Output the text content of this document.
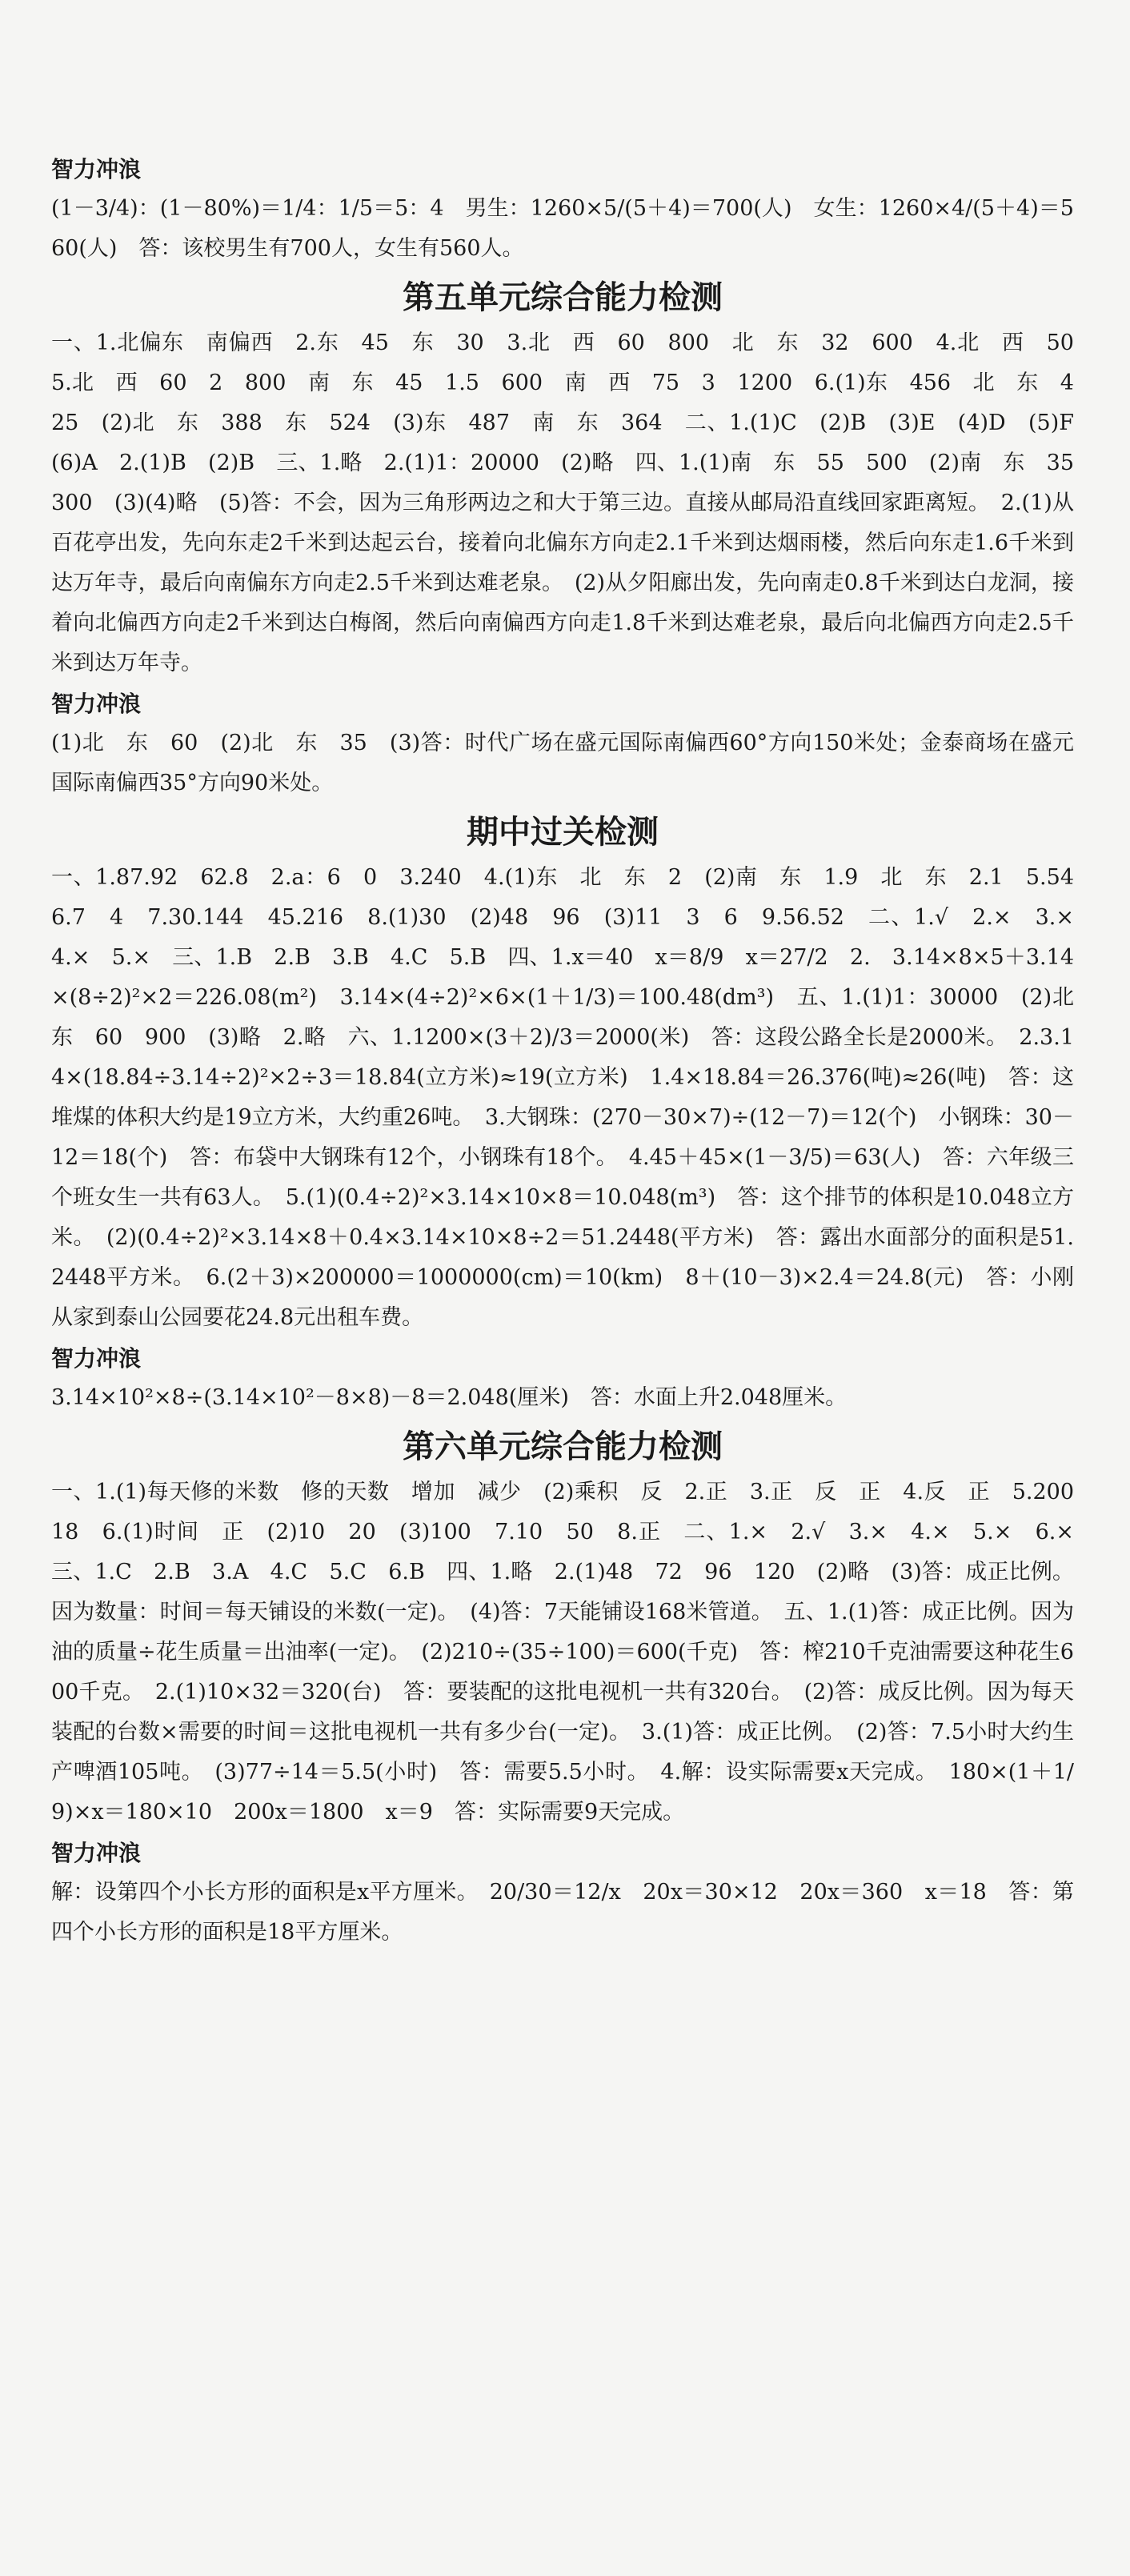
智力冲浪
(1－3/4)：(1－80%)＝1/4：1/5＝5：4　男生：1260×5/(5＋4)＝700(人)　女生：1260×4/(5＋4)＝560(人)　答：该校男生有700人，女生有560人。
第五单元综合能力检测
一、1.北偏东　南偏西　2.东　45　东　30　3.北　西　60　800　北　东　32　600　4.北　西　50　5.北　西　60　2　800　南　东　45　1.5　600　南　西　75　3　1200　6.(1)东　456　北　东　425　(2)北　东　388　东　524　(3)东　487　南　东　364　二、1.(1)C　(2)B　(3)E　(4)D　(5)F　(6)A　2.(1)B　(2)B　三、1.略　2.(1)1：20000　(2)略　四、1.(1)南　东　55　500　(2)南　东　35　300　(3)(4)略　(5)答：不会，因为三角形两边之和大于第三边。直接从邮局沿直线回家距离短。　2.(1)从百花亭出发，先向东走2千米到达起云台，接着向北偏东方向走2.1千米到达烟雨楼，然后向东走1.6千米到达万年寺，最后向南偏东方向走2.5千米到达难老泉。　(2)从夕阳廊出发，先向南走0.8千米到达白龙洞，接着向北偏西方向走2千米到达白梅阁，然后向南偏西方向走1.8千米到达难老泉，最后向北偏西方向走2.5千米到达万年寺。
智力冲浪
(1)北　东　60　(2)北　东　35　(3)答：时代广场在盛元国际南偏西60°方向150米处；金泰商场在盛元国际南偏西35°方向90米处。
期中过关检测
一、1.87.92　62.8　2.a：6　0　3.240　4.(1)东　北　东　2　(2)南　东　1.9　北　东　2.1　5.54　6.7　4　7.30.144　45.216　8.(1)30　(2)48　96　(3)11　3　6　9.56.52　二、1.√　2.×　3.×　4.×　5.×　三、1.B　2.B　3.B　4.C　5.B　四、1.x＝40　x＝8/9　x＝27/2　2.　3.14×8×5＋3.14×(8÷2)²×2＝226.08(m²)　3.14×(4÷2)²×6×(1＋1/3)＝100.48(dm³)　五、1.(1)1：30000　(2)北　东　60　900　(3)略　2.略　六、1.1200×(3＋2)/3＝2000(米)　答：这段公路全长是2000米。　2.3.14×(18.84÷3.14÷2)²×2÷3＝18.84(立方米)≈19(立方米)　1.4×18.84＝26.376(吨)≈26(吨)　答：这堆煤的体积大约是19立方米，大约重26吨。　3.大钢珠：(270－30×7)÷(12－7)＝12(个)　小钢珠：30－12＝18(个)　答：布袋中大钢珠有12个，小钢珠有18个。　4.45＋45×(1－3/5)＝63(人)　答：六年级三个班女生一共有63人。　5.(1)(0.4÷2)²×3.14×10×8＝10.048(m³)　答：这个排节的体积是10.048立方米。　(2)(0.4÷2)²×3.14×8＋0.4×3.14×10×8÷2＝51.2448(平方米)　答：露出水面部分的面积是51.2448平方米。　6.(2＋3)×200000＝1000000(cm)＝10(km)　8＋(10－3)×2.4＝24.8(元)　答：小刚从家到泰山公园要花24.8元出租车费。
智力冲浪
3.14×10²×8÷(3.14×10²－8×8)－8＝2.048(厘米)　答：水面上升2.048厘米。
第六单元综合能力检测
一、1.(1)每天修的米数　修的天数　增加　减少　(2)乘积　反　2.正　3.正　反　正　4.反　正　5.200　18　6.(1)时间　正　(2)10　20　(3)100　7.10　50　8.正　二、1.×　2.√　3.×　4.×　5.×　6.×　三、1.C　2.B　3.A　4.C　5.C　6.B　四、1.略　2.(1)48　72　96　120　(2)略　(3)答：成正比例。因为数量：时间＝每天铺设的米数(一定)。　(4)答：7天能铺设168米管道。　五、1.(1)答：成正比例。因为油的质量÷花生质量＝出油率(一定)。　(2)210÷(35÷100)＝600(千克)　答：榨210千克油需要这种花生600千克。　2.(1)10×32＝320(台)　答：要装配的这批电视机一共有320台。　(2)答：成反比例。因为每天装配的台数×需要的时间＝这批电视机一共有多少台(一定)。　3.(1)答：成正比例。　(2)答：7.5小时大约生产啤酒105吨。　(3)77÷14＝5.5(小时)　答：需要5.5小时。　4.解：设实际需要x天完成。　180×(1＋1/9)×x＝180×10　200x＝1800　x＝9　答：实际需要9天完成。
智力冲浪
解：设第四个小长方形的面积是x平方厘米。　20/30＝12/x　20x＝30×12　20x＝360　x＝18　答：第四个小长方形的面积是18平方厘米。
